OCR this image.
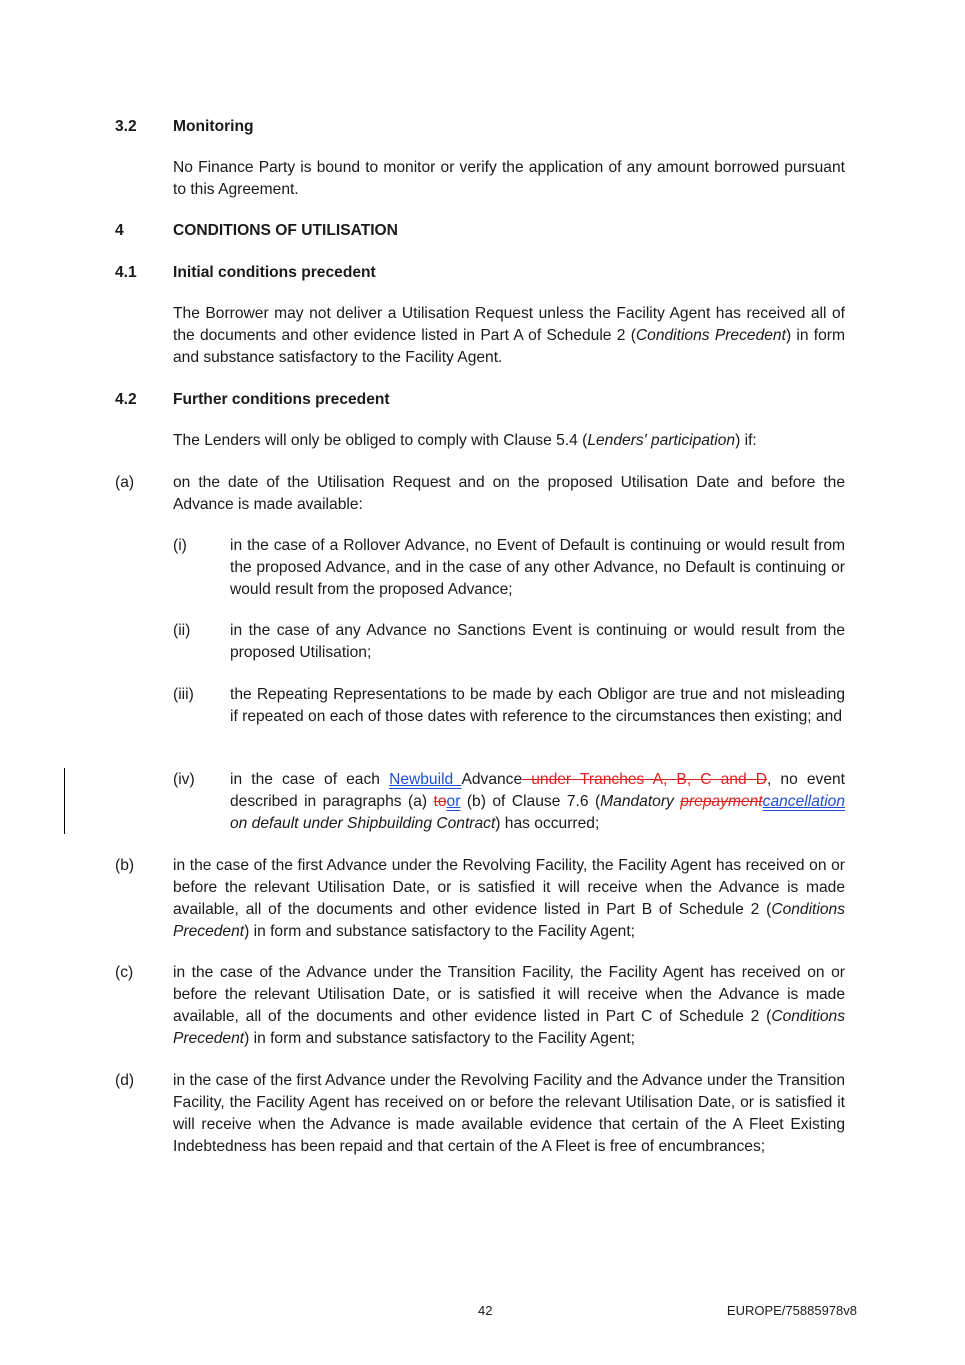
3.2 Monitoring

No Finance Party is bound to monitor or verify the application of any amount borrowed pursuant to this Agreement.

4	CONDITIONS OF UTILISATION
4.1 Initial conditions precedent

The Borrower may not deliver a Utilisation Request unless the Facility Agent has received all of the documents and other evidence listed in Part A of Schedule 2 (Conditions Precedent) in form and substance satisfactory to the Facility Agent.

4.2 Further conditions precedent

The Lenders will only be obliged to comply with Clause 5.4 (Lenders' participation) if:

(a) on the date of the Utilisation Request and on the proposed Utilisation Date and before the Advance is made available:

(i)	in the case of a Rollover Advance, no Event of Default is continuing or would result from the proposed Advance, and in the case of any other Advance, no Default is continuing or would result from the proposed Advance;

(ii)	in the case of any Advance no Sanctions Event is continuing or would result from the proposed Utilisation;

(iii) the Repeating Representations to be made by each Obligor are true and not misleading if repeated on each of those dates with reference to the circumstances then existing; and

(iv) in the case of each Newbuild Advance under Tranches A, B, C and D, no event described in paragraphs (a) toor (b) of Clause 7.6 (Mandatory prepaymentcancellation on default under Shipbuilding Contract) has occurred;

(b) in the case of the first Advance under the Revolving Facility, the Facility Agent has received on or before the relevant Utilisation Date, or is satisfied it will receive when the Advance is made available, all of the documents and other evidence listed in Part B of Schedule 2 (Conditions Precedent) in form and substance satisfactory to the Facility Agent;

(c)	in the case of the Advance under the Transition Facility, the Facility Agent has received on or before the relevant Utilisation Date, or is satisfied it will receive when the Advance is made available, all of the documents and other evidence listed in Part C of Schedule 2 (Conditions Precedent) in form and substance satisfactory to the Facility Agent;

(d) in the case of the first Advance under the Revolving Facility and the Advance under the Transition Facility, the Facility Agent has received on or before the relevant Utilisation Date, or is satisfied it will receive when the Advance is made available evidence that certain of the A Fleet Existing Indebtedness has been repaid and that certain of the A Fleet is free of encumbrances;

42	EUROPE/75885978v8
